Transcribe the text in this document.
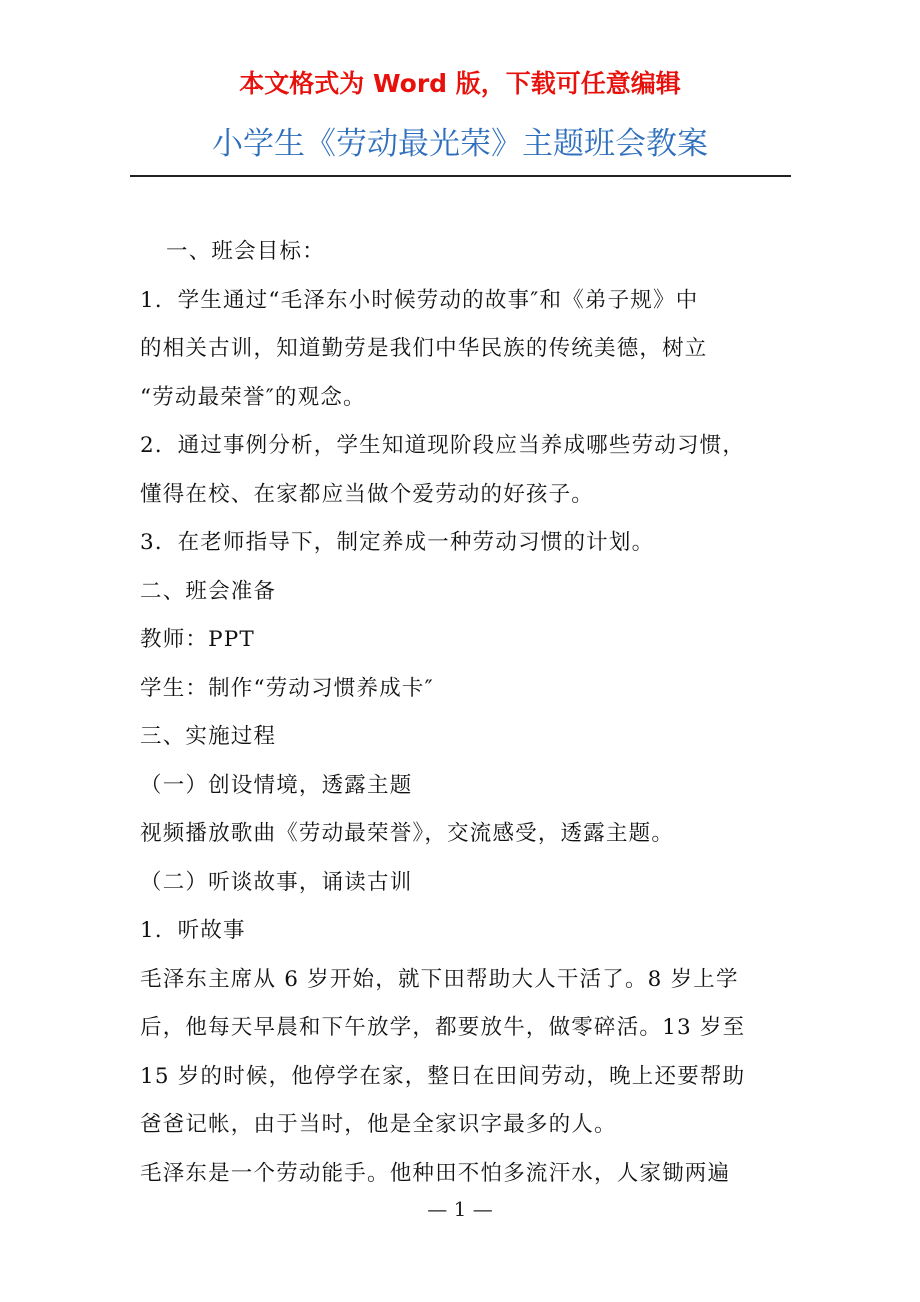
本文格式为 Word 版，下载可任意编辑
小学生《劳动最光荣》主题班会教案
一、班会目标：
1．学生通过“毛泽东小时候劳动的故事″和《弟子规》中
的相关古训，知道勤劳是我们中华民族的传统美德，树立
“劳动最荣誉″的观念。
2．通过事例分析，学生知道现阶段应当养成哪些劳动习惯，
懂得在校、在家都应当做个爱劳动的好孩子。
3．在老师指导下，制定养成一种劳动习惯的计划。
二、班会准备
教师：PPT
学生：制作“劳动习惯养成卡″
三、实施过程
（一）创设情境，透露主题
视频播放歌曲《劳动最荣誉》，交流感受，透露主题。
（二）听谈故事，诵读古训
1．听故事
毛泽东主席从 6 岁开始，就下田帮助大人干活了。8 岁上学
后，他每天早晨和下午放学，都要放牛，做零碎活。13 岁至
15 岁的时候，他停学在家，整日在田间劳动，晚上还要帮助
爸爸记帐，由于当时，他是全家识字最多的人。
毛泽东是一个劳动能手。他种田不怕多流汗水，人家锄两遍
— 1 —
